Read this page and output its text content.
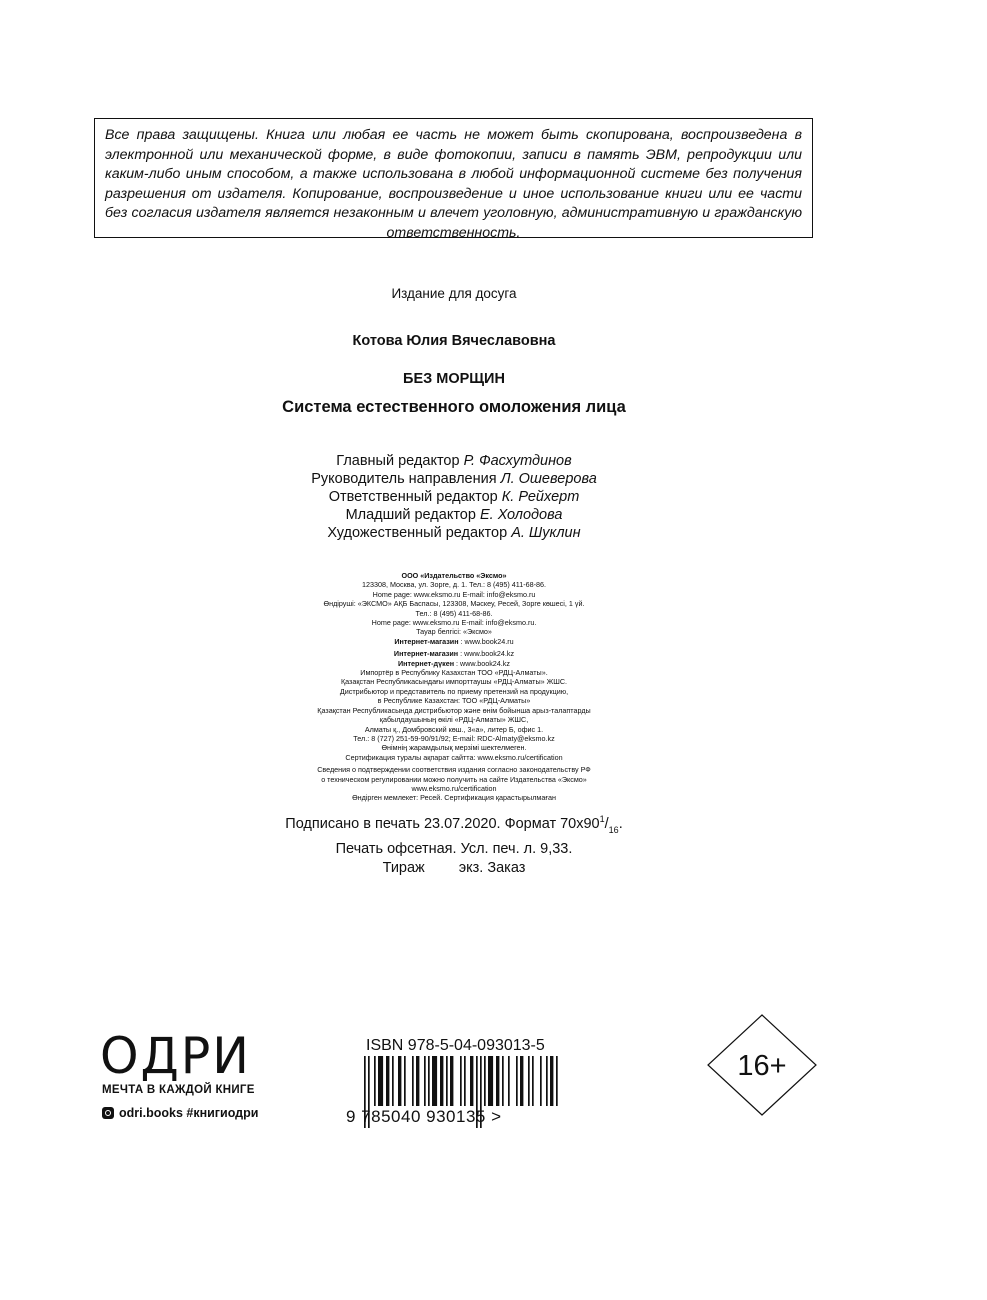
Все права защищены. Книга или любая ее часть не может быть скопирована, воспроизведена в электронной или механической форме, в виде фотокопии, записи в память ЭВМ, репродукции или каким-либо иным способом, а также использована в любой информационной системе без получения разрешения от издателя. Копирование, воспроизведение и иное использование книги или ее части без согласия издателя является незаконным и влечет уголовную, административную и гражданскую ответственность.
Издание для досуга
Котова Юлия Вячеславовна
БЕЗ МОРЩИН
Система естественного омоложения лица
Главный редактор Р. Фасхутдинов
Руководитель направления Л. Ошеверова
Ответственный редактор К. Рейхерт
Младший редактор Е. Холодова
Художественный редактор А. Шуклин
ООО «Издательство «Эксмо»
123308, Москва, ул. Зорге, д. 1. Тел.: 8 (495) 411-68-86.
Home page: www.eksmo.ru E-mail: info@eksmo.ru
Өндіруші: «ЭКСМО» АҚБ Баспасы, 123308, Мәскеу, Ресей, Зорге көшесі, 1 үй.
Тел.: 8 (495) 411-68-86.
Home page: www.eksmo.ru E-mail: info@eksmo.ru.
Тауар белгісі: «Эксмо»
Интернет-магазин : www.book24.ru
Интернет-магазин : www.book24.kz
Интернет-дүкен : www.book24.kz
Импортёр в Республику Казахстан ТОО «РДЦ-Алматы».
Қазақстан Республикасындағы импорттаушы «РДЦ-Алматы» ЖШС.
Дистрибьютор и представитель по приему претензий на продукцию,
в Республике Казахстан: ТОО «РДЦ-Алматы»
Қазақстан Республикасында дистрибьютор және өнім бойынша арыз-талаптарды
қабылдаушының өкілі «РДЦ-Алматы» ЖШС,
Алматы қ., Домбровский көш., 3«а», литер Б, офис 1.
Тел.: 8 (727) 251-59-90/91/92; E-mail: RDC-Almaty@eksmo.kz
Өнімнің жарамдылық мерзімі шектелмеген.
Сертификация туралы ақпарат сайтта: www.eksmo.ru/certification
Сведения о подтверждении соответствия издания согласно законодательству РФ
о техническом регулировании можно получить на сайте Издательства «Эксмо»
www.eksmo.ru/certification
Өндірген мемлекет: Ресей. Сертификация қарастырылмаған
Подписано в печать 23.07.2020. Формат $70х90^1/_{16}$.
Печать офсетная. Усл. печ. л. 9,33.
Тираж экз. Заказ
ОДРИ
МЕЧТА В КАЖДОЙ КНИГЕ
odri.books #книгиодри
ISBN 978-5-04-093013-5
9 785040 930135 >
16+
